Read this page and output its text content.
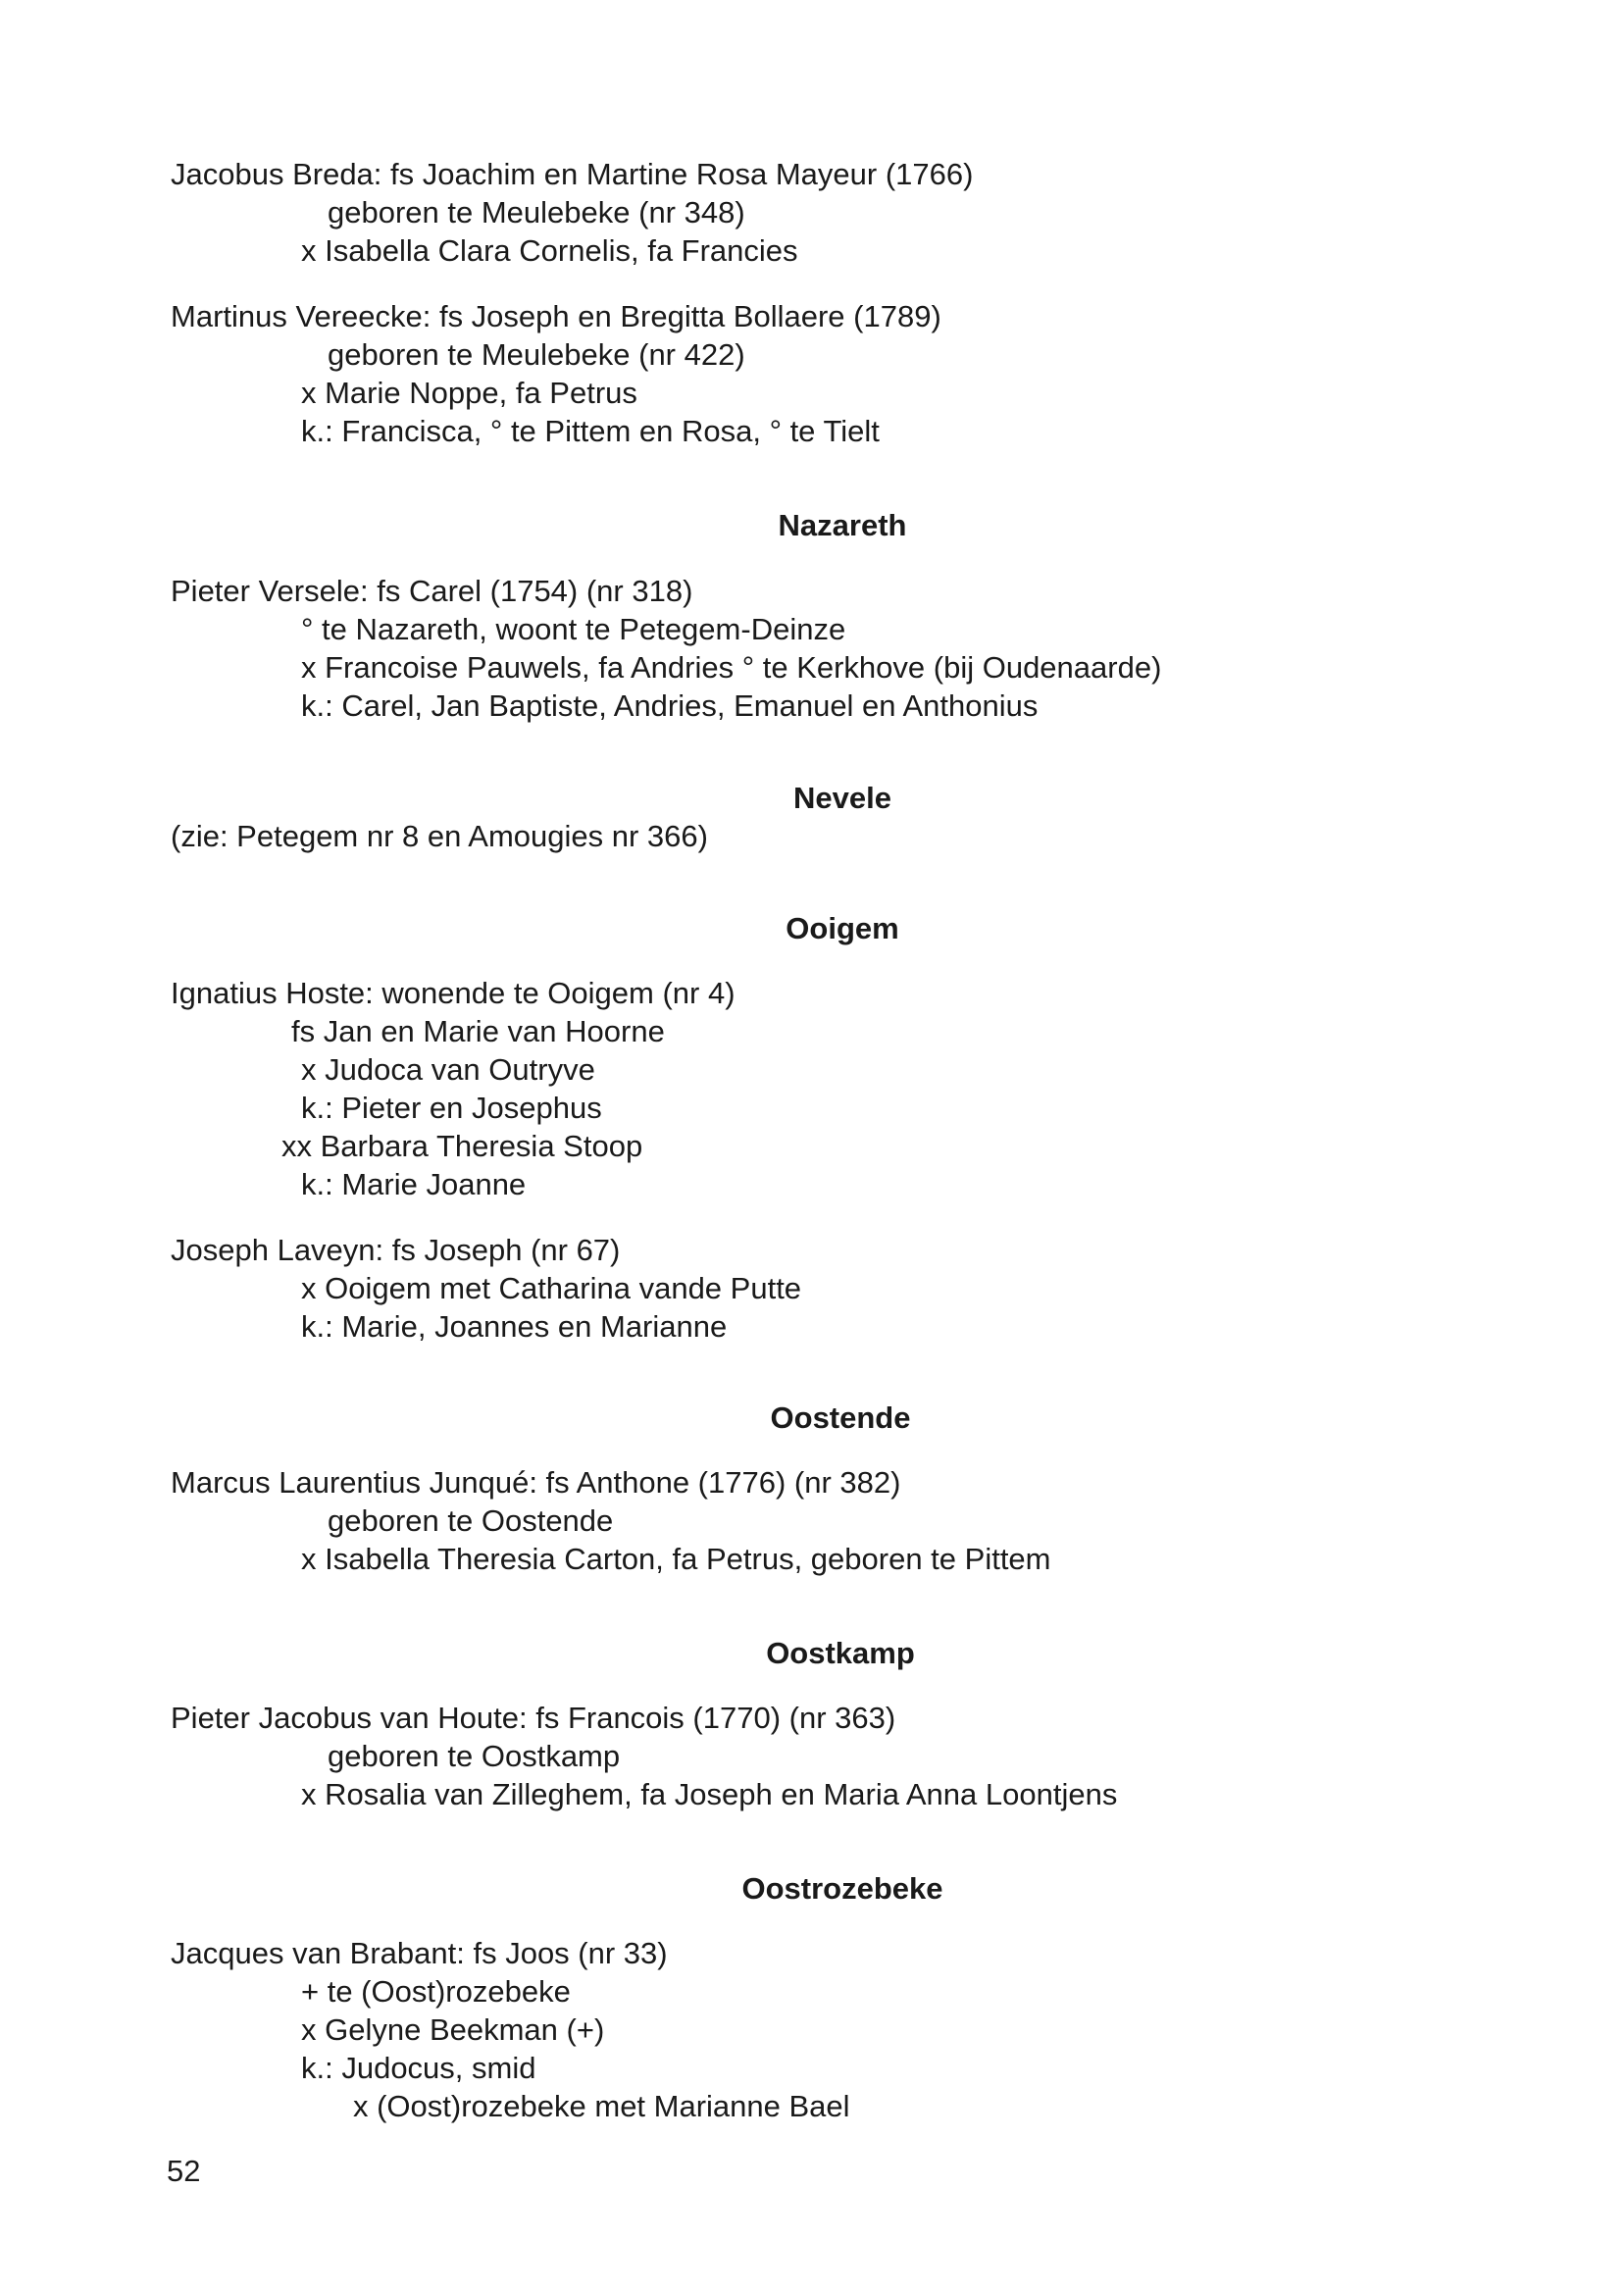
Jacobus Breda: fs Joachim en Martine Rosa Mayeur (1766)
geboren te Meulebeke (nr 348)
x Isabella Clara Cornelis, fa Francies
Martinus Vereecke: fs Joseph en Bregitta Bollaere (1789)
geboren te Meulebeke (nr 422)
x Marie Noppe, fa Petrus
k.: Francisca, ° te Pittem en Rosa, ° te Tielt
Nazareth
Pieter Versele: fs Carel (1754) (nr 318)
° te Nazareth, woont te Petegem-Deinze
x Francoise Pauwels, fa Andries ° te Kerkhove (bij Oudenaarde)
k.: Carel, Jan Baptiste, Andries, Emanuel en Anthonius
Nevele
(zie: Petegem nr 8 en Amougies nr 366)
Ooigem
Ignatius Hoste: wonende te Ooigem (nr 4)
fs Jan en Marie van Hoorne
x Judoca van Outryve
k.: Pieter en Josephus
xx Barbara Theresia Stoop
k.: Marie Joanne
Joseph Laveyn: fs Joseph (nr 67)
x Ooigem met Catharina vande Putte
k.: Marie, Joannes en Marianne
Oostende
Marcus Laurentius Junqué: fs Anthone (1776) (nr 382)
geboren te Oostende
x Isabella Theresia Carton, fa Petrus, geboren te Pittem
Oostkamp
Pieter Jacobus van Houte: fs Francois (1770) (nr 363)
geboren te Oostkamp
x Rosalia van Zilleghem, fa Joseph en Maria Anna Loontjens
Oostrozebeke
Jacques van Brabant: fs Joos (nr 33)
+ te (Oost)rozebeke
x Gelyne Beekman (+)
k.: Judocus, smid
x (Oost)rozebeke met Marianne Bael
52
